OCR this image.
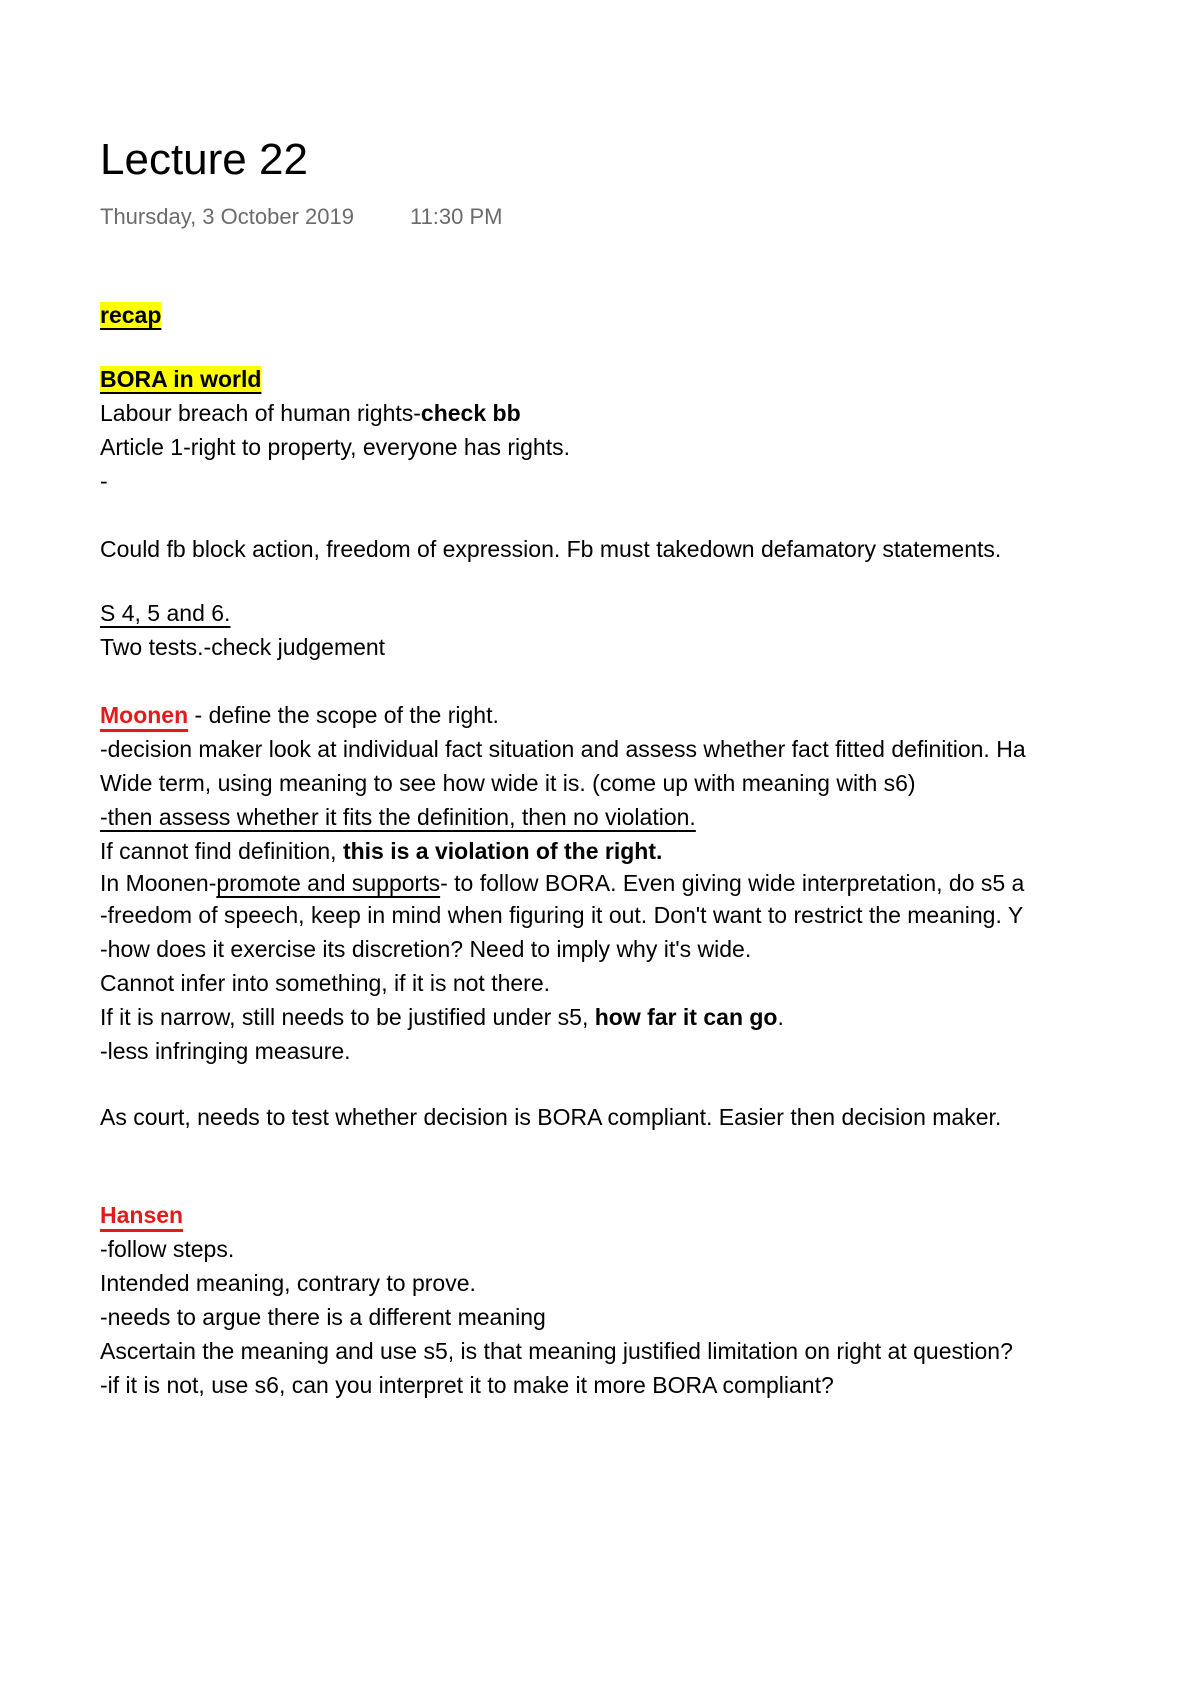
Lecture 22
Thursday, 3 October 2019	11:30 PM
recap
BORA in world
Labour breach of human rights-check bb
Article 1-right to property, everyone has rights.
-
Could fb block action, freedom of expression. Fb must takedown defamatory statements.
S 4, 5 and 6.
Two tests.-check judgement
Moonen - define the scope of the right.
-decision maker look at individual fact situation and assess whether fact fitted definition. Ha
Wide term, using meaning to see how wide it is. (come up with meaning with s6)
-then assess whether it fits the definition, then no violation.
If cannot find definition, this is a violation of the right.
In Moonen-promote and supports- to follow BORA. Even giving wide interpretation, do s5 a
-freedom of speech, keep in mind when figuring it out. Don't want to restrict the meaning. Y
-how does it exercise its discretion? Need to imply why it's wide.
Cannot infer into something, if it is not there.
If it is narrow, still needs to be justified under s5, how far it can go.
-less infringing measure.
As court, needs to test whether decision is BORA compliant. Easier then decision maker.
Hansen
-follow steps.
Intended meaning, contrary to prove.
-needs to argue there is a different meaning
Ascertain the meaning and use s5, is that meaning justified limitation on right at question?
-if it is not, use s6, can you interpret it to make it more BORA compliant?
